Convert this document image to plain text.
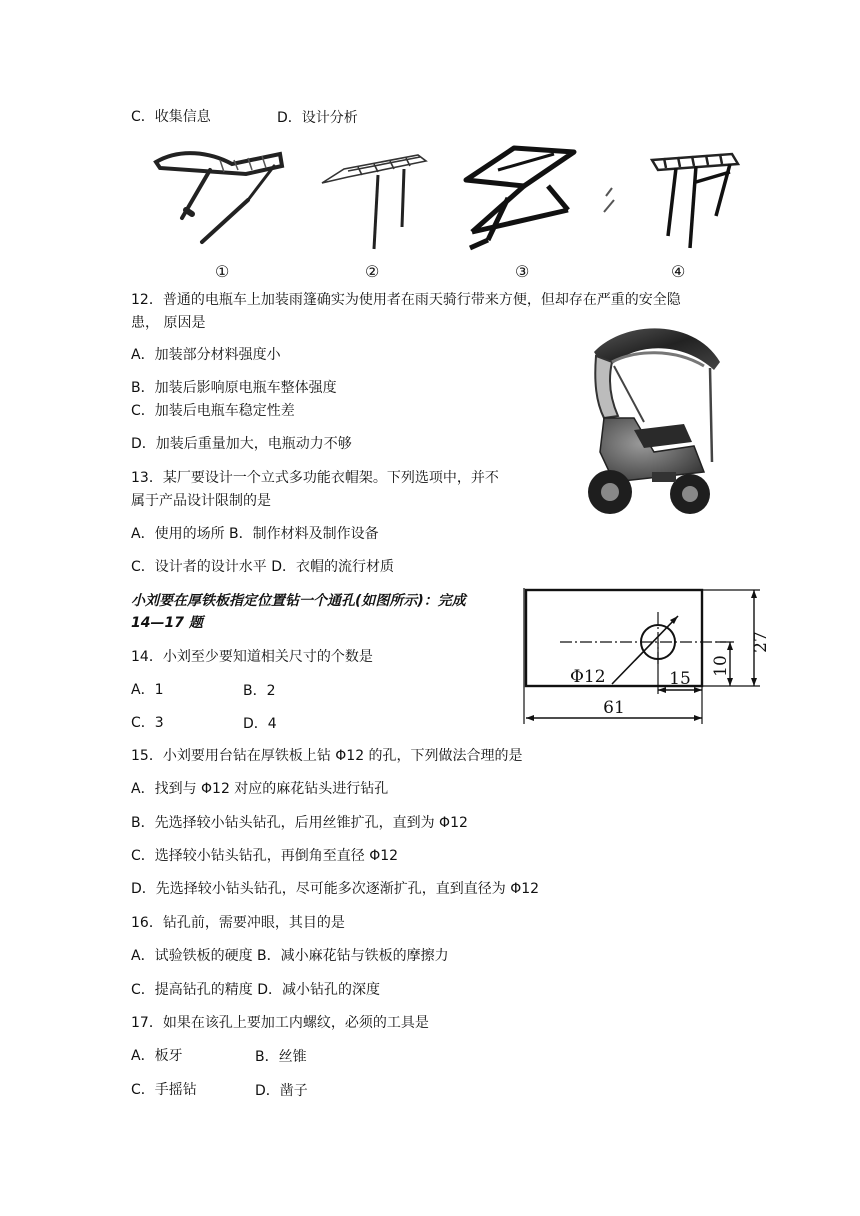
C．收集信息	D．设计分析
①	②	③	④
12．普通的电瓶车上加装雨篷确实为使用者在雨天骑行带来方便，但却存在严重的安全隐
患， 原因是
A．加装部分材料强度小
B．加装后影响原电瓶车整体强度
C．加装后电瓶车稳定性差
D．加装后重量加大，电瓶动力不够
13．某厂要设计一个立式多功能衣帽架。下列选项中，并不
属于产品设计限制的是
A．使用的场所 B．制作材料及制作设备
C．设计者的设计水平 D．衣帽的流行材质
小刘要在厚铁板指定位置钻一个通孔(如图所示)：完成
14—17 题
27
10
15
61
Φ12
14．小刘至少要知道相关尺寸的个数是
A．1	B．2
C．3	D．4
15．小刘要用台钻在厚铁板上钻 Φ12 的孔，下列做法合理的是
A．找到与 Φ12 对应的麻花钻头进行钻孔
B．先选择较小钻头钻孔，后用丝锥扩孔，直到为 Φ12
C．选择较小钻头钻孔，再倒角至直径 Φ12
D．先选择较小钻头钻孔，尽可能多次逐渐扩孔，直到直径为 Φ12
16．钻孔前，需要冲眼，其目的是
A．试验铁板的硬度 B．减小麻花钻与铁板的摩擦力
C．提高钻孔的精度 D．减小钻孔的深度
17．如果在该孔上要加工内螺纹，必须的工具是
A．板牙	B．丝锥
C．手摇钻	D．凿子
